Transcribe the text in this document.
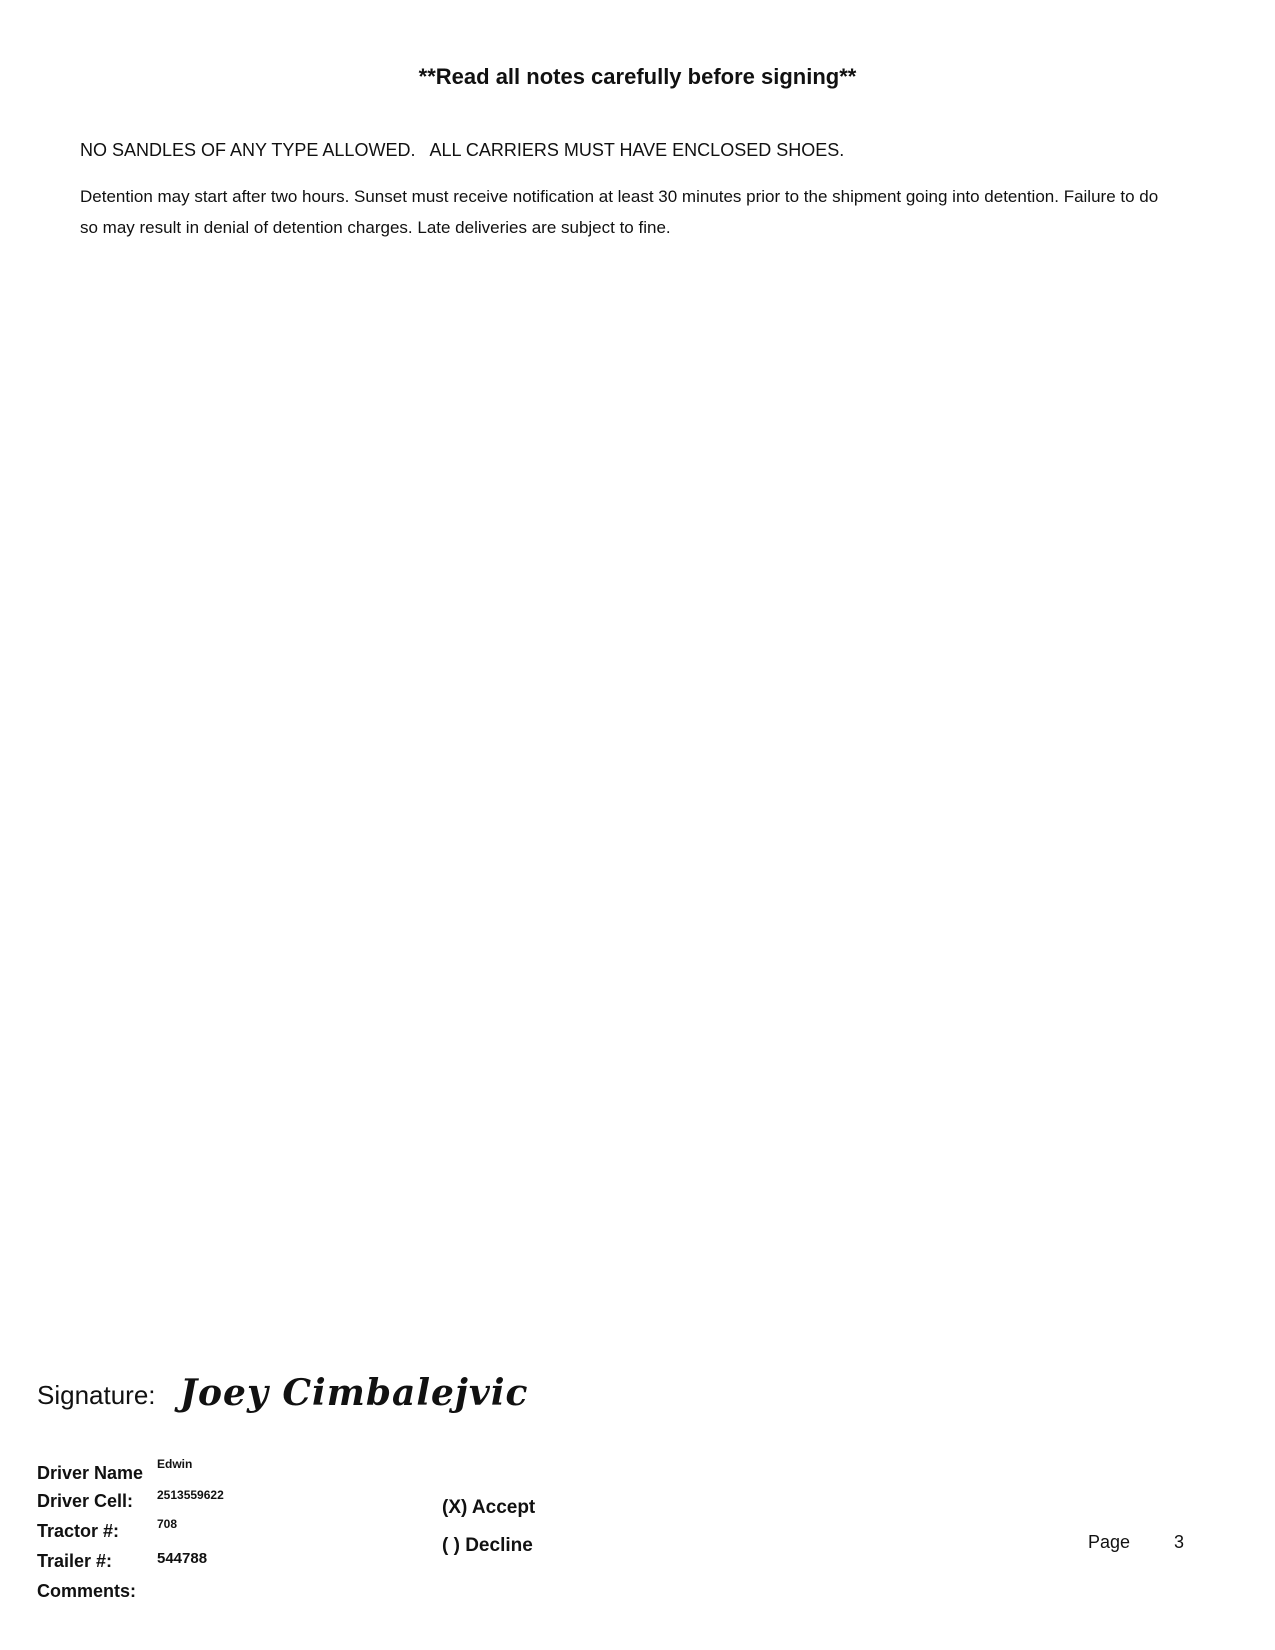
**Read all notes carefully before signing**
NO SANDLES OF ANY TYPE ALLOWED.   ALL CARRIERS MUST HAVE ENCLOSED SHOES.
Detention may start after two hours. Sunset must receive notification at least 30 minutes prior to the shipment going into detention. Failure to do so may result in denial of detention charges. Late deliveries are subject to fine.
Signature: Joey Cimbalejvic
Driver Name Edwin
Driver Cell: 2513559622
Tractor #:	708
Trailer #:	544788
Comments:
(X) Accept
( ) Decline	Page 3
